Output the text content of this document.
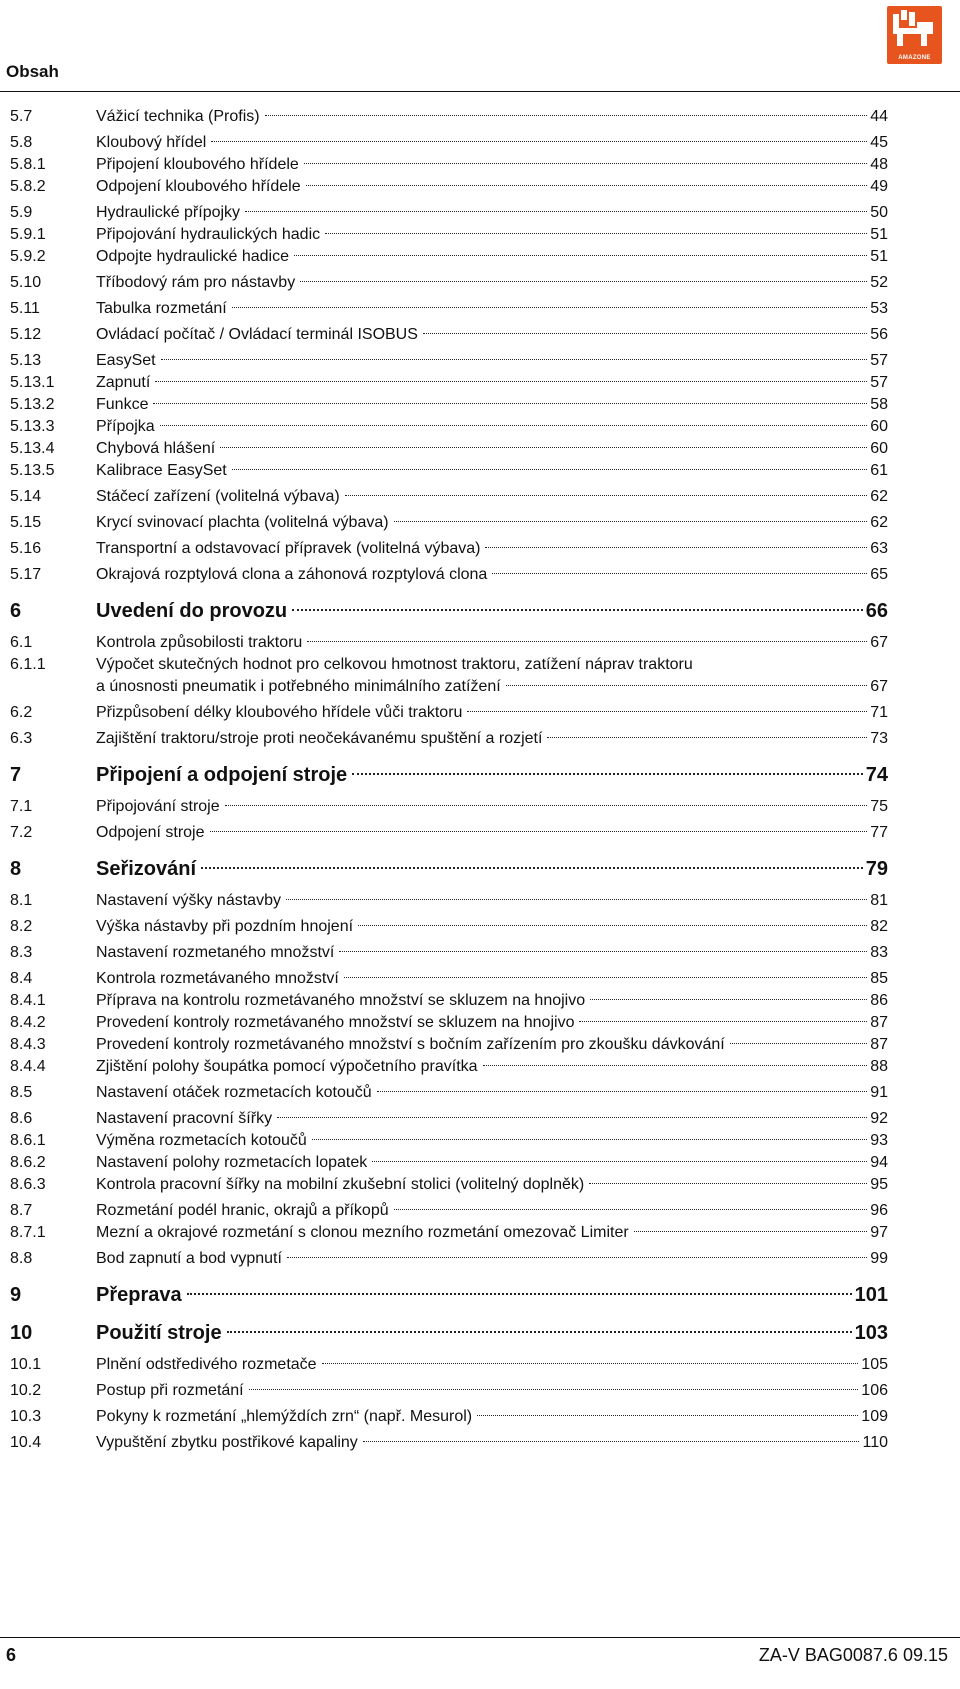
AMAZONE
Obsah
5.7	Vážicí technika (Profis)	44
5.8	Kloubový hřídel	45
5.8.1	Připojení kloubového hřídele	48
5.8.2	Odpojení kloubového hřídele	49
5.9	Hydraulické přípojky	50
5.9.1	Připojování hydraulických hadic	51
5.9.2	Odpojte hydraulické hadice	51
5.10	Tříbodový rám pro nástavby	52
5.11	Tabulka rozmetání	53
5.12	Ovládací počítač / Ovládací terminál ISOBUS	56
5.13	EasySet	57
5.13.1	Zapnutí	57
5.13.2	Funkce	58
5.13.3	Přípojka	60
5.13.4	Chybová hlášení	60
5.13.5	Kalibrace EasySet	61
5.14	Stáčecí zařízení (volitelná výbava)	62
5.15	Krycí svinovací plachta (volitelná výbava)	62
5.16	Transportní a odstavovací přípravek (volitelná výbava)	63
5.17	Okrajová rozptylová clona a záhonová rozptylová clona	65
6	Uvedení do provozu	66
6.1	Kontrola způsobilosti traktoru	67
6.1.1	Výpočet skutečných hodnot pro celkovou hmotnost traktoru, zatížení náprav traktoru
a únosnosti pneumatik i potřebného minimálního zatížení	67
6.2	Přizpůsobení délky kloubového hřídele vůči traktoru	71
6.3	Zajištění traktoru/stroje proti neočekávanému spuštění a rozjetí	73
7	Připojení a odpojení stroje	74
7.1	Připojování stroje	75
7.2	Odpojení stroje	77
8	Seřizování	79
8.1	Nastavení výšky nástavby	81
8.2	Výška nástavby při pozdním hnojení	82
8.3	Nastavení rozmetaného množství	83
8.4	Kontrola rozmetávaného množství	85
8.4.1	Příprava na kontrolu rozmetávaného množství se skluzem na hnojivo	86
8.4.2	Provedení kontroly rozmetávaného množství se skluzem na hnojivo	87
8.4.3	Provedení kontroly rozmetávaného množství s bočním zařízením pro zkoušku dávkování	87
8.4.4	Zjištění polohy šoupátka pomocí výpočetního pravítka	88
8.5	Nastavení otáček rozmetacích kotoučů	91
8.6	Nastavení pracovní šířky	92
8.6.1	Výměna rozmetacích kotoučů	93
8.6.2	Nastavení polohy rozmetacích lopatek	94
8.6.3	Kontrola pracovní šířky na mobilní zkušební stolici (volitelný doplněk)	95
8.7	Rozmetání podél hranic, okrajů a příkopů	96
8.7.1	Mezní a okrajové rozmetání s clonou mezního rozmetání omezovač Limiter	97
8.8	Bod zapnutí a bod vypnutí	99
9	Přeprava	101
10	Použití stroje	103
10.1	Plnění odstředivého rozmetače	105
10.2	Postup při rozmetání	106
10.3	Pokyny k rozmetání „hlemýždích zrn“ (např. Mesurol)	109
10.4	Vypuštění zbytku postřikové kapaliny	110
6	ZA-V BAG0087.6 09.15
